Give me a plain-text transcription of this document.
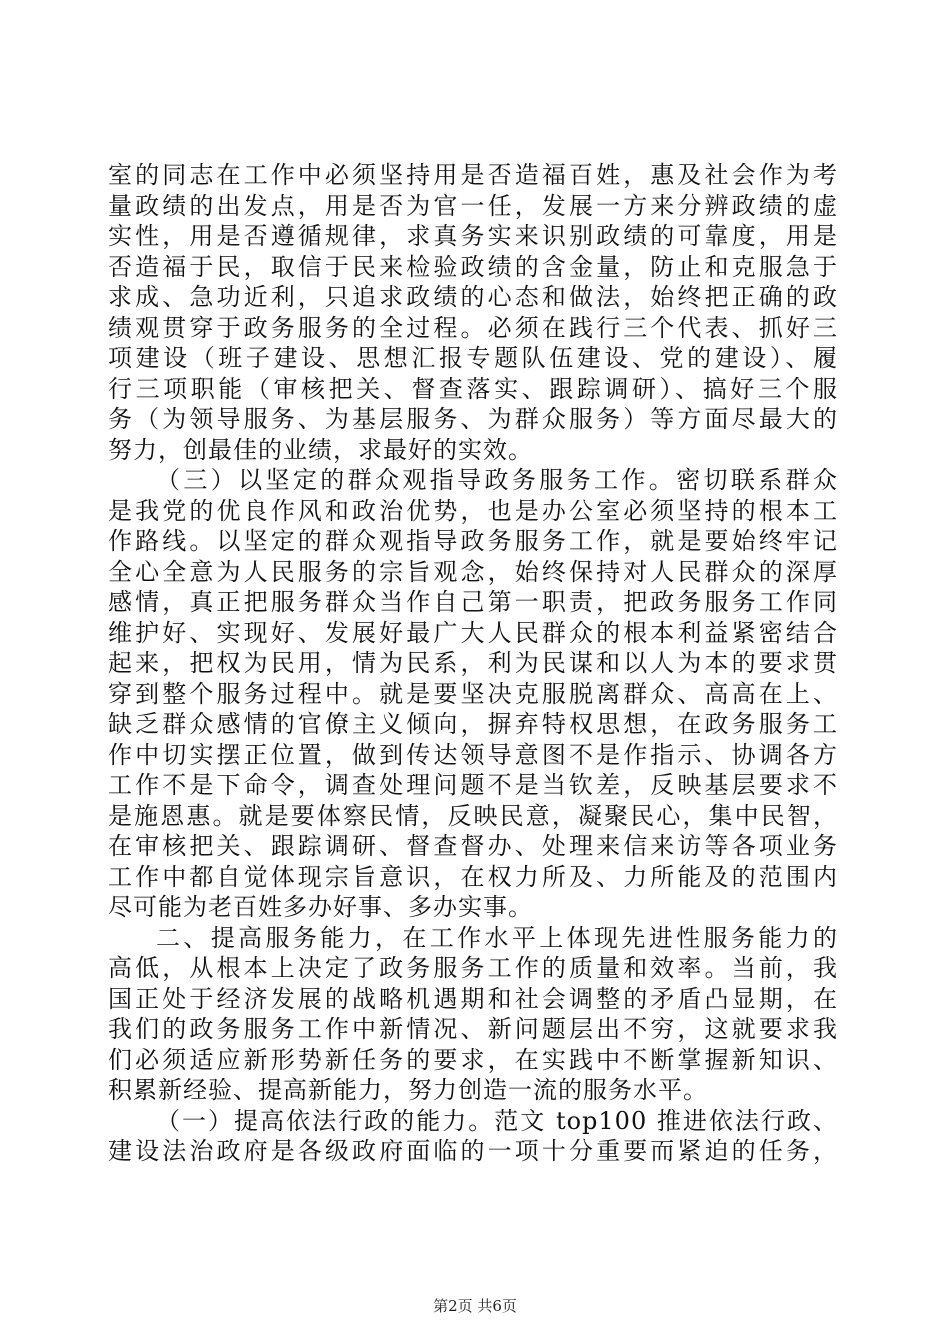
室的同志在工作中必须坚持用是否造福百姓，惠及社会作为考
量政绩的出发点，用是否为官一任，发展一方来分辨政绩的虚
实性，用是否遵循规律，求真务实来识别政绩的可靠度，用是
否造福于民，取信于民来检验政绩的含金量，防止和克服急于
求成、急功近利，只追求政绩的心态和做法，始终把正确的政
绩观贯穿于政务服务的全过程。必须在践行三个代表、抓好三
项建设（班子建设、思想汇报专题队伍建设、党的建设）、履
行三项职能（审核把关、督查落实、跟踪调研）、搞好三个服
务（为领导服务、为基层服务、为群众服务）等方面尽最大的
努力，创最佳的业绩，求最好的实效。
（三）以坚定的群众观指导政务服务工作。密切联系群众
是我党的优良作风和政治优势，也是办公室必须坚持的根本工
作路线。以坚定的群众观指导政务服务工作，就是要始终牢记
全心全意为人民服务的宗旨观念，始终保持对人民群众的深厚
感情，真正把服务群众当作自己第一职责，把政务服务工作同
维护好、实现好、发展好最广大人民群众的根本利益紧密结合
起来，把权为民用，情为民系，利为民谋和以人为本的要求贯
穿到整个服务过程中。就是要坚决克服脱离群众、高高在上、
缺乏群众感情的官僚主义倾向，摒弃特权思想，在政务服务工
作中切实摆正位置，做到传达领导意图不是作指示、协调各方
工作不是下命令，调查处理问题不是当钦差，反映基层要求不
是施恩惠。就是要体察民情，反映民意，凝聚民心，集中民智，
在审核把关、跟踪调研、督查督办、处理来信来访等各项业务
工作中都自觉体现宗旨意识，在权力所及、力所能及的范围内
尽可能为老百姓多办好事、多办实事。
二、提高服务能力，在工作水平上体现先进性服务能力的
高低，从根本上决定了政务服务工作的质量和效率。当前，我
国正处于经济发展的战略机遇期和社会调整的矛盾凸显期，在
我们的政务服务工作中新情况、新问题层出不穷，这就要求我
们必须适应新形势新任务的要求，在实践中不断掌握新知识、
积累新经验、提高新能力，努力创造一流的服务水平。
（一）提高依法行政的能力。范文 top100 推进依法行政、
建设法治政府是各级政府面临的一项十分重要而紧迫的任务，
第2页 共6页
